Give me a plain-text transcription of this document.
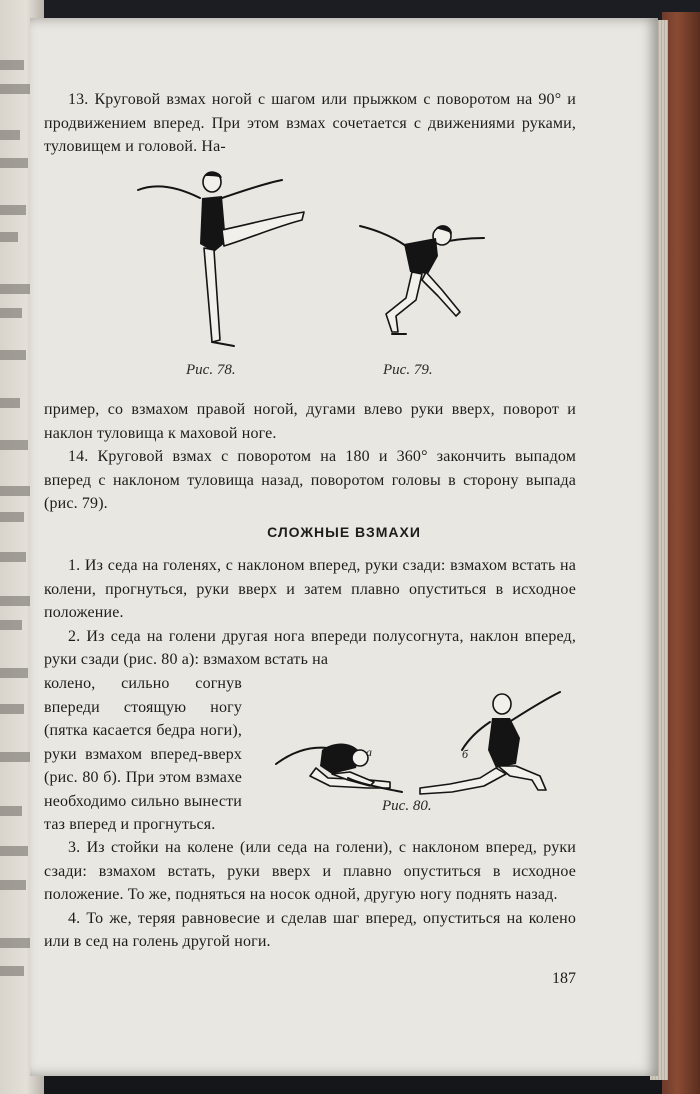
13. Круговой взмах ногой с шагом или прыжком с поворотом на 90° и продвижением вперед. При этом взмах сочетается с движениями руками, туловищем и головой. На-

Рис. 78.	Рис. 79.

пример, со взмахом правой ногой, дугами влево руки вверх, поворот и наклон туловища к маховой ноге.

14. Круговой взмах с поворотом на 180 и 360° закончить выпадом вперед с наклоном туловища назад, поворотом головы в сторону выпада (рис. 79).

СЛОЖНЫЕ ВЗМАХИ

1. Из седа на голенях, с наклоном вперед, руки сзади: взмахом встать на колени, прогнуться, руки вверх и затем плавно опуститься в исходное положение.

2. Из седа на голени другая нога впереди полусогнута, наклон вперед, руки сзади (рис. 80 а): взмахом встать на

колено, сильно согнув впереди стоящую ногу (пятка касается бедра ноги), руки взмахом вперед-вверх (рис. 80 б). При этом взмахе необходимо сильно вынести таз вперед и прогнуться.

а	б
Рис. 80.

3. Из стойки на колене (или седа на голени), с наклоном вперед, руки сзади: взмахом встать, руки вверх и плавно опуститься в исходное положение. То же, подняться на носок одной, другую ногу поднять назад.

4. То же, теряя равновесие и сделав шаг вперед, опуститься на колено или в сед на голень другой ноги.

187
